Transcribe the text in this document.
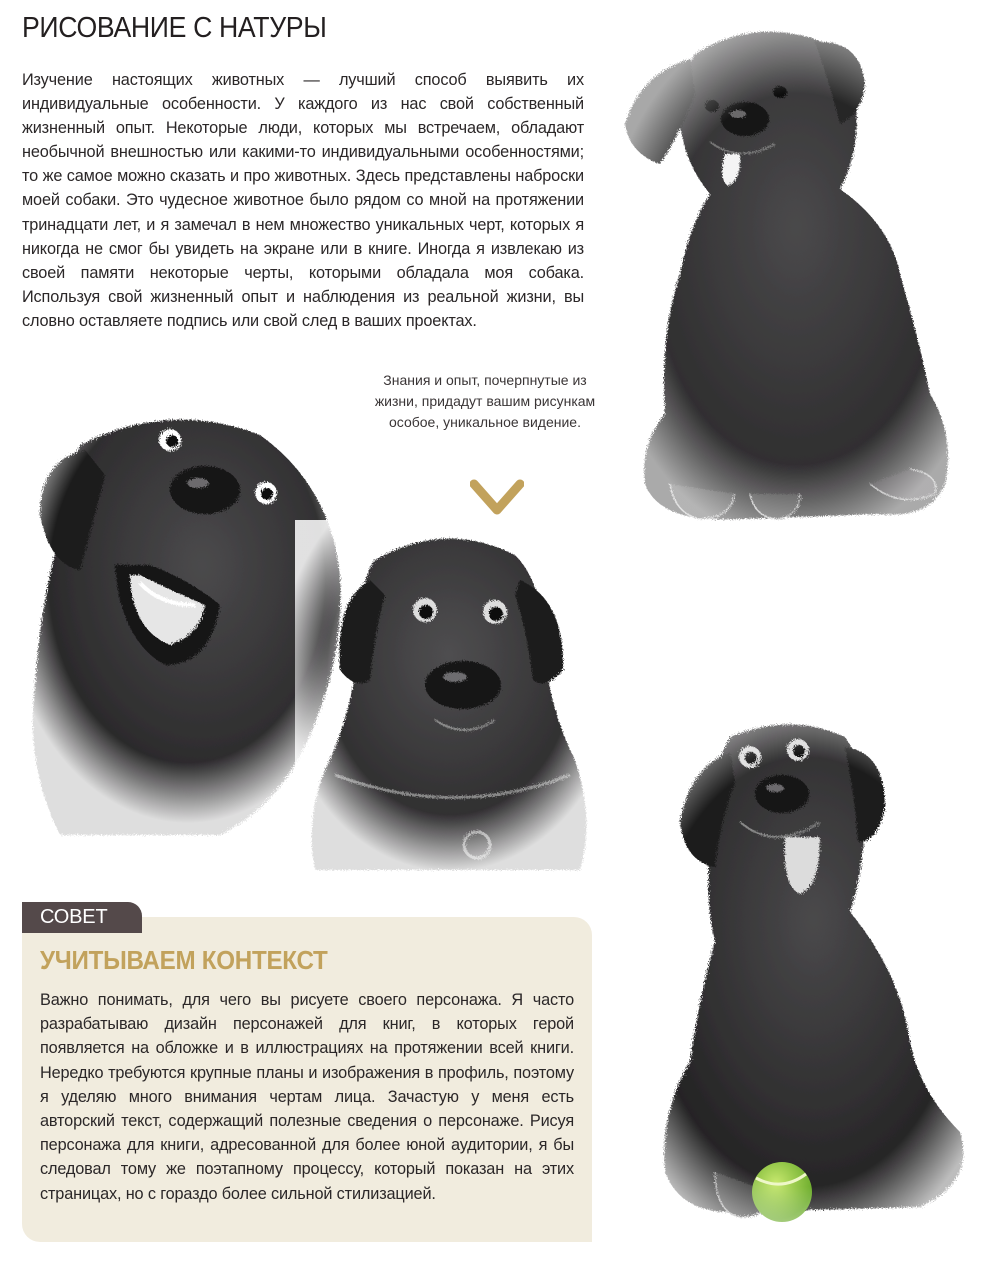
РИСОВАНИЕ С НАТУРЫ

Изучение настоящих животных — лучший способ выявить их индивидуальные особенности. У каждого из нас свой собственный жизненный опыт. Некоторые люди, которых мы встречаем, обладают необычной внешностью или какими-то индивидуальными особенностями; то же самое можно сказать и про животных. Здесь представлены наброски моей собаки. Это чудесное животное было рядом со мной на протяжении тринадцати лет, и я замечал в нем множество уникальных черт, которых я никогда не смог бы увидеть на экране или в книге. Иногда я извлекаю из своей памяти некоторые черты, которыми обладала моя собака. Используя свой жизненный опыт и наблюдения из реальной жизни, вы словно оставляете подпись или свой след в ваших проектах.

Знания и опыт, почерпнутые из жизни, придадут вашим рисункам особое, уникальное видение.

СОВЕТ
УЧИТЫВАЕМ КОНТЕКСТ

Важно понимать, для чего вы рисуете своего персонажа. Я часто разрабатываю дизайн персонажей для книг, в которых герой появляется на обложке и в иллюстрациях на протяжении всей книги. Нередко требуются крупные планы и изображения в профиль, поэтому я уделяю много внимания чертам лица. Зачастую у меня есть авторский текст, содержащий полезные сведения о персонаже. Рисуя персонажа для книги, адресованной для более юной аудитории, я бы следовал тому же поэтапному процессу, который показан на этих страницах, но с гораздо более сильной стилизацией.
